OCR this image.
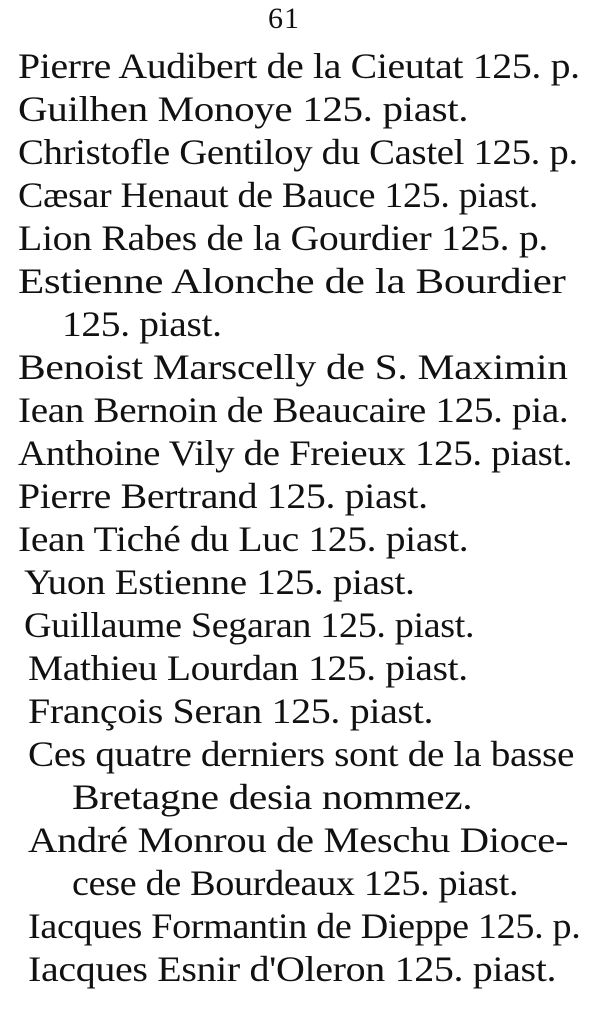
61
Pierre Audibert de la Cieutat 125. p.
Guilhen Monoye 125. piast.
Christofle Gentiloy du Castel 125. p.
Cæsar Henaut de Bauce 125. piast.
Lion Rabes de la Gourdier 125. p.
Estienne Alonche de la Bourdier
125. piast.
Benoist Marscelly de S. Maximin
Iean Bernoin de Beaucaire 125. pia.
Anthoine Vily de Freieux 125. piast.
Pierre Bertrand 125. piast.
Iean Tiché du Luc 125. piast.
Yuon Estienne 125. piast.
Guillaume Segaran 125. piast.
Mathieu Lourdan 125. piast.
François Seran 125. piast.
Ces quatre derniers sont de la basse
Bretagne desia nommez.
André Monrou de Meschu Dioce-
cese de Bourdeaux 125. piast.
Iacques Formantin de Dieppe 125. p.
Iacques Esnir d'Oleron 125. piast.
